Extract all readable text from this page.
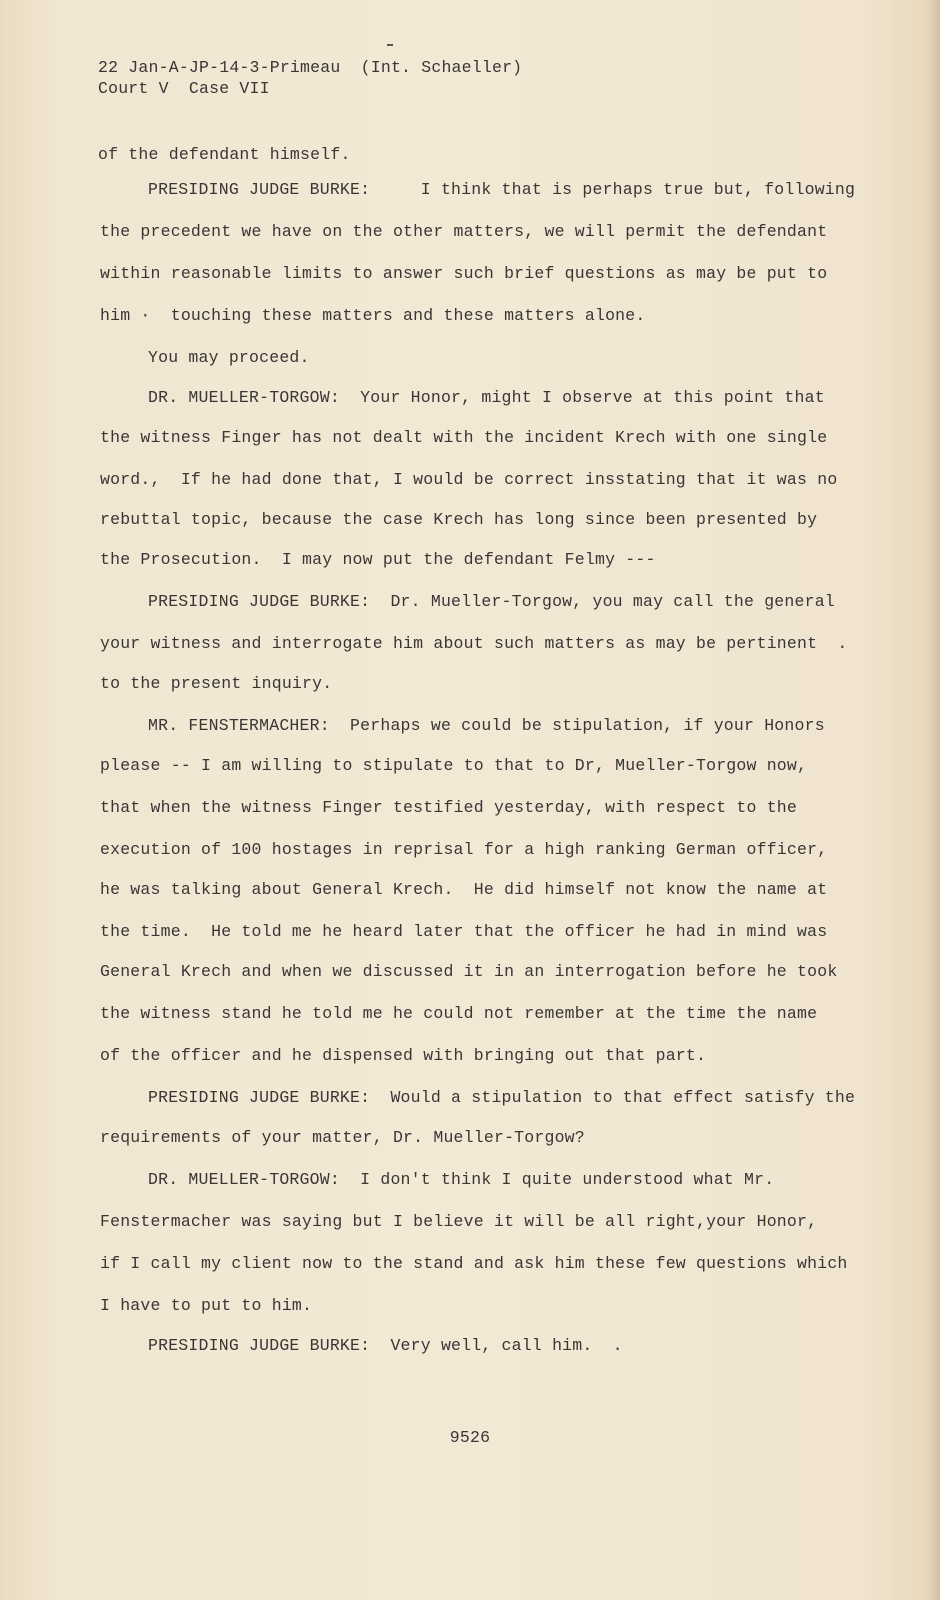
22 Jan-A-JP-14-3-Primeau  (Int. Schaeller)
Court V  Case VII
of the defendant himself.
PRESIDING JUDGE BURKE:     I think that is perhaps true but, following
the precedent we have on the other matters, we will permit the defendant
within reasonable limits to answer such brief questions as may be put to
him ·  touching these matters and these matters alone.
You may proceed.
DR. MUELLER-TORGOW:  Your Honor, might I observe at this point that
the witness Finger has not dealt with the incident Krech with one single
word.,  If he had done that, I would be correct insstating that it was no
rebuttal topic, because the case Krech has long since been presented by
the Prosecution.  I may now put the defendant Felmy ---
PRESIDING JUDGE BURKE:  Dr. Mueller-Torgow, you may call the general
your witness and interrogate him about such matters as may be pertinent  .
to the present inquiry.
MR. FENSTERMACHER:  Perhaps we could be stipulation, if your Honors
please -- I am willing to stipulate to that to Dr, Mueller-Torgow now,
that when the witness Finger testified yesterday, with respect to the
execution of 100 hostages in reprisal for a high ranking German officer,
he was talking about General Krech.  He did himself not know the name at
the time.  He told me he heard later that the officer he had in mind was
General Krech and when we discussed it in an interrogation before he took
the witness stand he told me he could not remember at the time the name
of the officer and he dispensed with bringing out that part.
PRESIDING JUDGE BURKE:  Would a stipulation to that effect satisfy the
requirements of your matter, Dr. Mueller-Torgow?
DR. MUELLER-TORGOW:  I don't think I quite understood what Mr.
Fenstermacher was saying but I believe it will be all right,your Honor,
if I call my client now to the stand and ask him these few questions which
I have to put to him.
PRESIDING JUDGE BURKE:  Very well, call him.  .
9526
